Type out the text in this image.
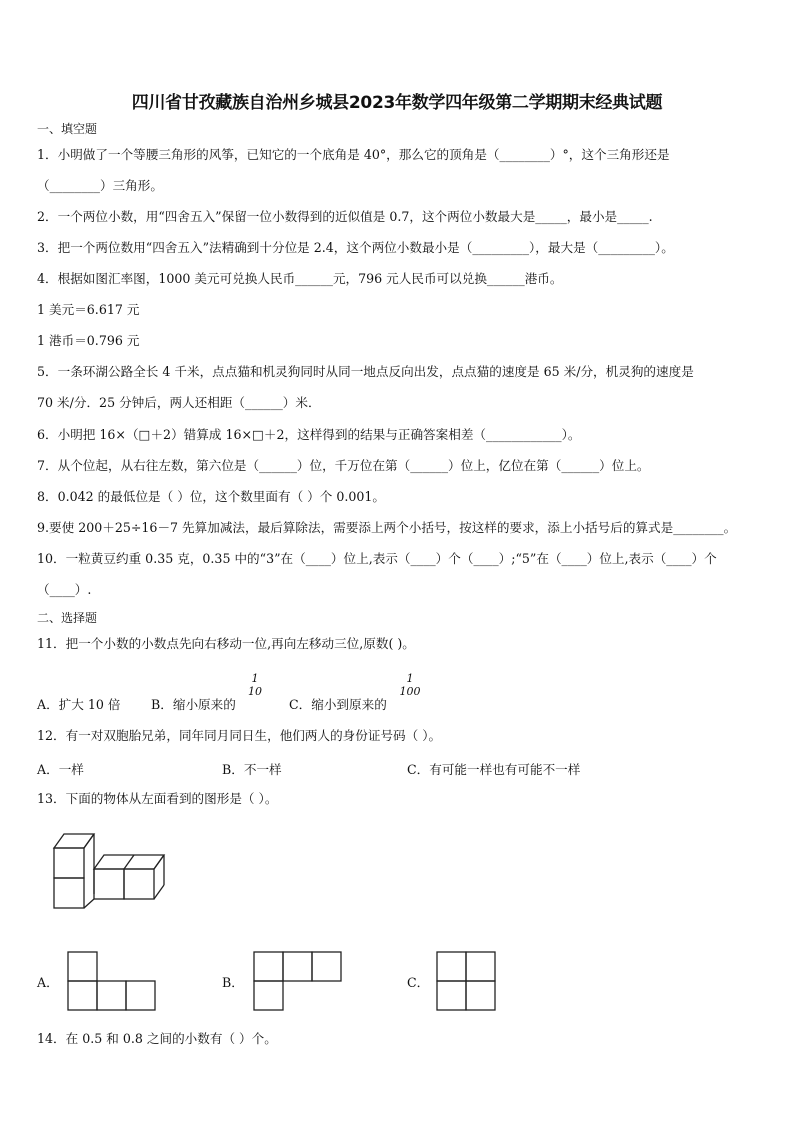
四川省甘孜藏族自治州乡城县2023年数学四年级第二学期期末经典试题
一、填空题
1．小明做了一个等腰三角形的风筝，已知它的一个底角是 40°，那么它的顶角是（________）°，这个三角形还是
（________）三角形。
2．一个两位小数，用“四舍五入”保留一位小数得到的近似值是 0.7，这个两位小数最大是_____，最小是_____.
3．把一个两位数用“四舍五入”法精确到十分位是 2.4，这个两位小数最小是（_________），最大是（_________）。
4．根据如图汇率图，1000 美元可兑换人民币______元，796 元人民币可以兑换______港币。
1 美元＝6.617 元
1 港币＝0.796 元
5．一条环湖公路全长 4 千米，点点猫和机灵狗同时从同一地点反向出发，点点猫的速度是 65 米/分，机灵狗的速度是
70 米/分．25 分钟后，两人还相距（______）米．
6．小明把 16×（□＋2）错算成 16×□＋2，这样得到的结果与正确答案相差（____________）。
7．从个位起，从右往左数，第六位是（______）位，千万位在第（______）位上，亿位在第（______）位上。
8．0.042 的最低位是（ ）位，这个数里面有（ ）个 0.001。
9.要使 200＋25÷16－7 先算加减法，最后算除法，需要添上两个小括号，按这样的要求，添上小括号后的算式是________。
10．一粒黄豆约重 0.35 克，0.35 中的“3”在（____）位上,表示（____）个（____）;“5”在（____）位上,表示（____）个
（____）.
二、选择题
11．把一个小数的小数点先向右移动一位,再向左移动三位,原数( )。
A．扩大 10 倍 B．缩小原来的
1
10
C．缩小到原来的
1
100
12．有一对双胞胎兄弟，同年同月同日生，他们两人的身份证号码（ ）。
A．一样	B．不一样	C．有可能一样也有可能不一样
13．下面的物体从左面看到的图形是（ ）。
A．	B．	C．
14．在 0.5 和 0.8 之间的小数有（ ）个。
